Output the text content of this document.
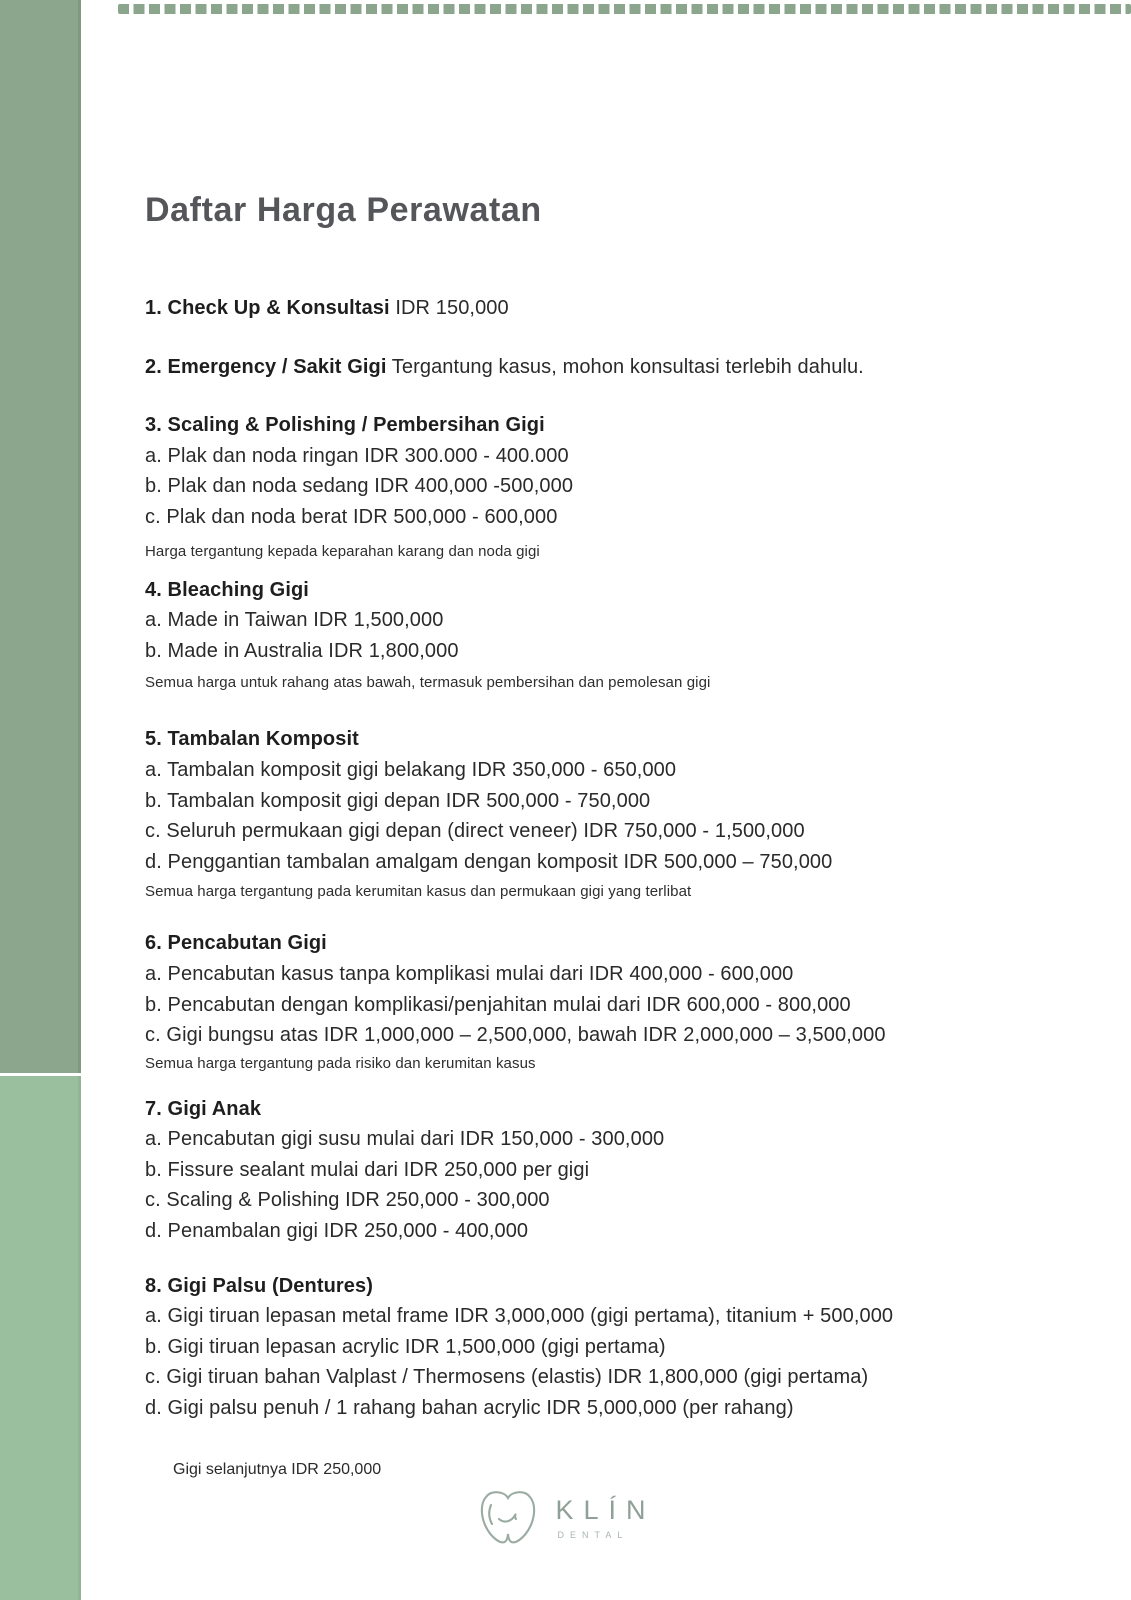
Daftar Harga Perawatan
1. Check Up & Konsultasi IDR 150,000
2. Emergency / Sakit Gigi Tergantung kasus, mohon konsultasi terlebih dahulu.
3. Scaling & Polishing / Pembersihan Gigi
a. Plak dan noda ringan IDR 300.000 - 400.000
b. Plak dan noda sedang IDR 400,000 -500,000
c. Plak dan noda berat IDR 500,000 - 600,000
Harga tergantung kepada keparahan karang dan noda gigi
4. Bleaching Gigi
a. Made in Taiwan IDR 1,500,000
b. Made in Australia IDR 1,800,000
Semua harga untuk rahang atas bawah, termasuk pembersihan dan pemolesan gigi
5. Tambalan Komposit
a. Tambalan komposit gigi belakang IDR 350,000 - 650,000
b. Tambalan komposit gigi depan IDR 500,000 - 750,000
c. Seluruh permukaan gigi depan (direct veneer) IDR 750,000 - 1,500,000
d. Penggantian tambalan amalgam dengan komposit IDR 500,000 – 750,000
Semua harga tergantung pada kerumitan kasus dan permukaan gigi yang terlibat
6. Pencabutan Gigi
a. Pencabutan kasus tanpa komplikasi mulai dari IDR 400,000 - 600,000
b. Pencabutan dengan komplikasi/penjahitan mulai dari IDR 600,000 - 800,000
c. Gigi bungsu atas IDR 1,000,000 – 2,500,000, bawah IDR 2,000,000 – 3,500,000
Semua harga tergantung pada risiko dan kerumitan kasus
7. Gigi Anak
a. Pencabutan gigi susu mulai dari IDR 150,000 - 300,000
b. Fissure sealant mulai dari IDR 250,000 per gigi
c. Scaling & Polishing IDR 250,000 - 300,000
d. Penambalan gigi IDR 250,000 - 400,000
8. Gigi Palsu (Dentures)
a. Gigi tiruan lepasan metal frame IDR 3,000,000 (gigi pertama), titanium + 500,000
b. Gigi tiruan lepasan acrylic IDR 1,500,000 (gigi pertama)
c. Gigi tiruan bahan Valplast / Thermosens (elastis) IDR 1,800,000 (gigi pertama)
d. Gigi palsu penuh / 1 rahang bahan acrylic IDR 5,000,000 (per rahang)
Gigi selanjutnya IDR 250,000
KLÍN
DENTAL
